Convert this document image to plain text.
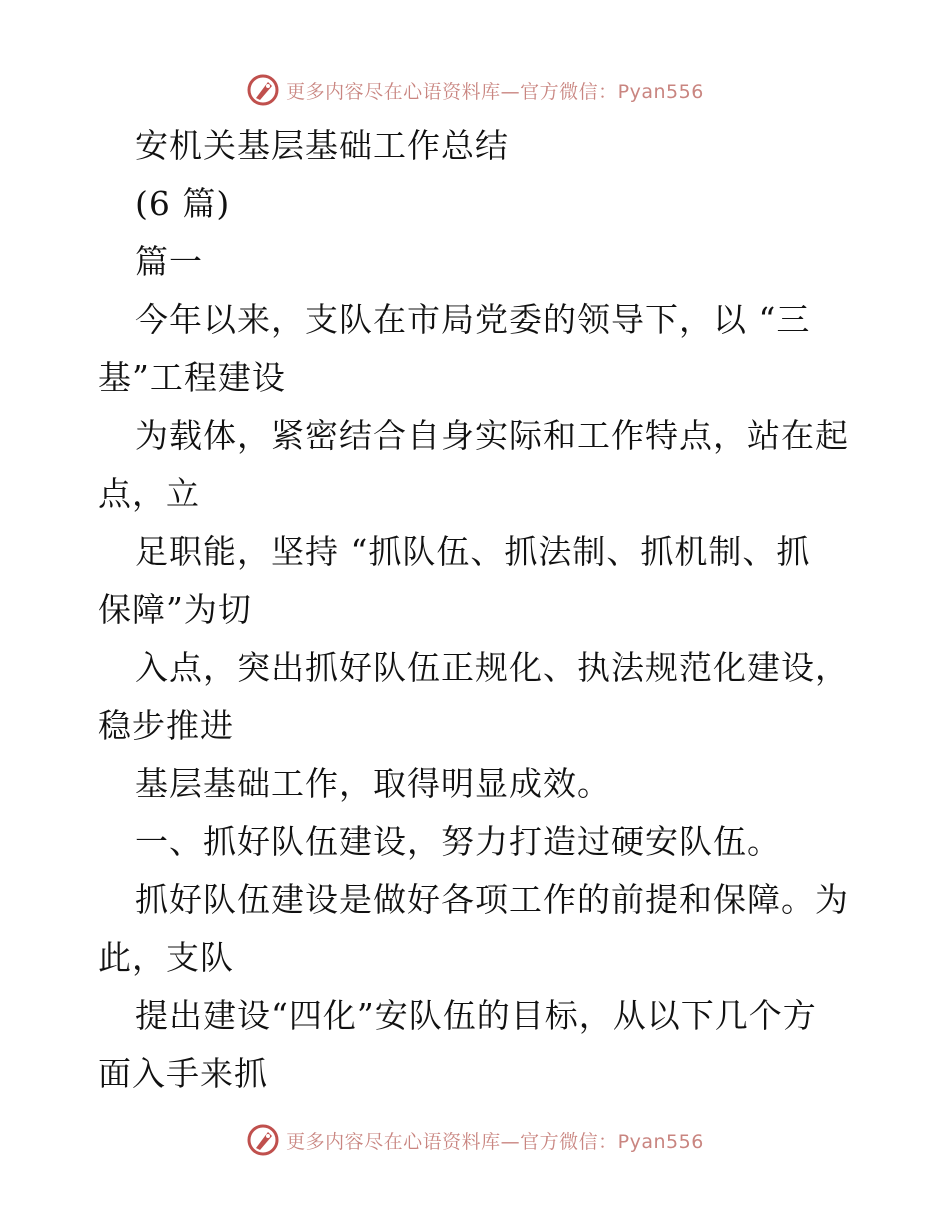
更多内容尽在心语资料库—官方微信：Pyan556
安机关基层基础工作总结
(6 篇)
篇一
今年以来，支队在市局党委的领导下，以 “三
基”工程建设
为载体，紧密结合自身实际和工作特点，站在起
点，立
足职能，坚持 “抓队伍、抓法制、抓机制、抓
保障”为切
入点，突出抓好队伍正规化、执法规范化建设，
稳步推进
基层基础工作，取得明显成效。
一、抓好队伍建设，努力打造过硬安队伍。
抓好队伍建设是做好各项工作的前提和保障。为
此，支队
提出建设“四化”安队伍的目标，从以下几个方
面入手来抓
更多内容尽在心语资料库—官方微信：Pyan556
